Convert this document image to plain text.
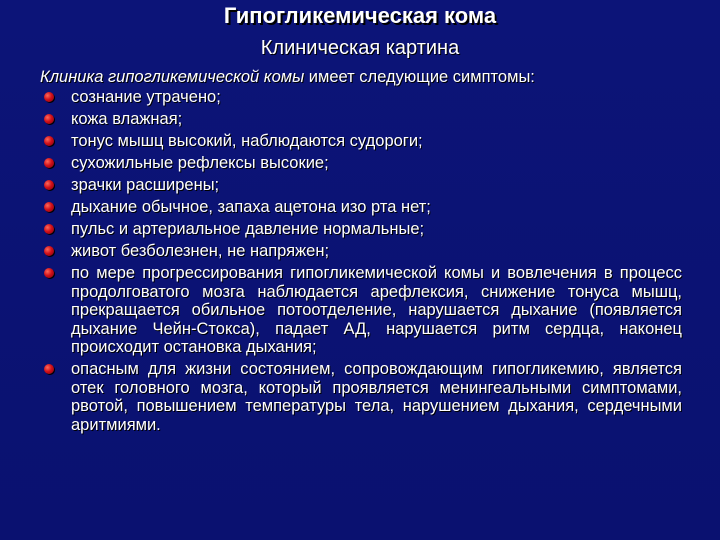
Гипогликемическая кома
Клиническая картина
Клиника гипогликемической комы имеет следующие симптомы:
сознание утрачено;
кожа влажная;
тонус мышц высокий, наблюдаются судороги;
сухожильные рефлексы высокие;
зрачки расширены;
дыхание обычное, запаха ацетона изо рта нет;
пульс и артериальное давление нормальные;
живот безболезнен, не напряжен;
по мере прогрессирования гипогликемической комы и вовлечения в процесс продолговатого мозга наблюдается арефлексия, снижение тонуса мышц, прекращается обильное потоотделение, нарушается дыхание (появляется дыхание Чейн-Стокса), падает АД, нарушается ритм сердца, наконец происходит остановка дыхания;
опасным для жизни состоянием, сопровождающим гипогликемию, является отек головного мозга, который проявляется менингеальными симптомами, рвотой, повышением температуры тела, нарушением дыхания, сердечными аритмиями.
